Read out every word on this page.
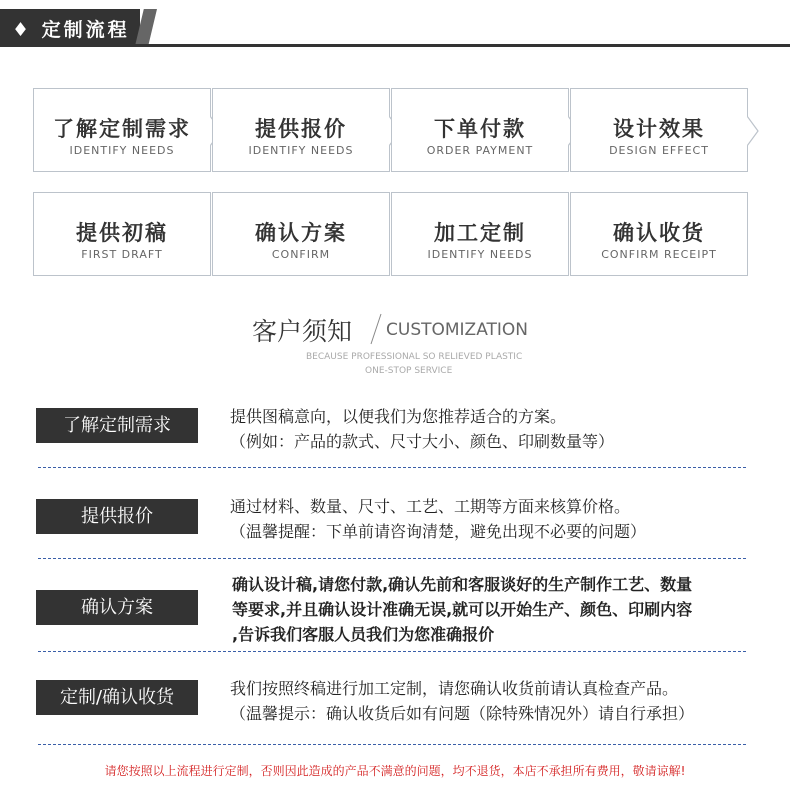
♦ 定制流程
了解定制需求
IDENTIFY NEEDS
提供报价
IDENTIFY NEEDS
下单付款
ORDER PAYMENT
设计效果
DESIGN EFFECT
提供初稿
FIRST DRAFT
确认方案
CONFIRM
加工定制
IDENTIFY NEEDS
确认收货
CONFIRM RECEIPT
客户须知 CUSTOMIZATION
BECAUSE PROFESSIONAL SO RELIEVED PLASTIC
ONE-STOP SERVICE
了解定制需求	提供图稿意向，以便我们为您推荐适合的方案。
（例如：产品的款式、尺寸大小、颜色、印刷数量等）
提供报价	通过材料、数量、尺寸、工艺、工期等方面来核算价格。
（温馨提醒：下单前请咨询清楚，避免出现不必要的问题）
确认方案
确认设计稿,请您付款,确认先前和客服谈好的生产制作工艺、数量
等要求,并且确认设计准确无误,就可以开始生产、颜色、印刷内容
,告诉我们客服人员我们为您准确报价
定制/确认收货	我们按照终稿进行加工定制，请您确认收货前请认真检查产品。
（温馨提示：确认收货后如有问题（除特殊情况外）请自行承担）
请您按照以上流程进行定制，否则因此造成的产品不满意的问题，均不退货，本店不承担所有费用，敬请谅解!
